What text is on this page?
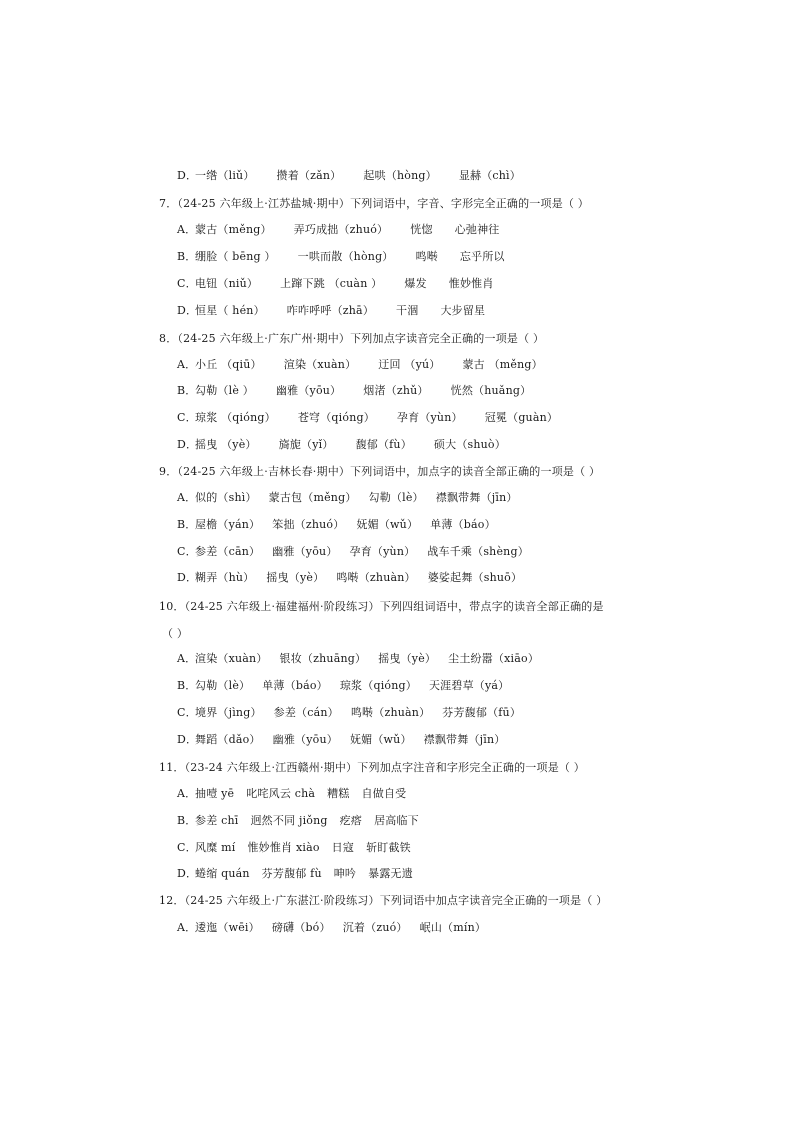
D．一绺（liǔ） 攒着（zǎn） 起哄（hòng） 显赫（chì）
7．（24-25 六年级上·江苏盐城·期中）下列词语中，字音、字形完全正确的一项是（ ）
A．蒙古（měng） 弄巧成拙（zhuó） 恍惚 心弛神往
B．绷脸（ bēng ） 一哄而散（hòng） 鸣啭 忘乎所以
C．电钮（niǔ） 上蹿下跳 （cuàn ） 爆发 惟妙惟肖
D．恒星（ hén） 咋咋呼呼（zhā） 干涸 大步留星
8．（24-25 六年级上·广东广州·期中）下列加点字读音完全正确的一项是（ ）
A．小丘 （qiū） 渲染（xuàn） 迂回 （yú） 蒙古 （měng）
B．勾勒（lè ） 幽雅（yōu） 烟渚（zhǔ） 恍然（huǎng）
C．琼浆 （qióng） 苍穹（qióng） 孕育（yùn） 冠冕（guàn）
D．摇曳 （yè） 旖旎（yǐ） 馥郁（fù） 硕大（shuò）
9．（24-25 六年级上·吉林长春·期中）下列词语中，加点字的读音全部正确的一项是（ ）
A．似的（shì） 蒙古包（měng） 勾勒（lè） 襟飘带舞（jīn）
B．屋檐（yán） 笨拙（zhuó） 妩媚（wǔ） 单薄（báo）
C．参差（cān） 幽雅（yōu） 孕育（yùn） 战车千乘（shèng）
D．糊弄（hù） 摇曳（yè） 鸣啭（zhuàn） 婆娑起舞（shuō）
10．（24-25 六年级上·福建福州·阶段练习）下列四组词语中，带点字的读音全部正确的是
（ ）
A．渲染（xuàn） 银妆（zhuāng） 摇曳（yè） 尘土纷嚣（xiāo）
B．勾勒（lè） 单薄（báo） 琼浆（qióng） 天涯碧草（yá）
C．境界（jìng） 参差（cán） 鸣啭（zhuàn） 芬芳馥郁（fū）
D．舞蹈（dǎo） 幽雅（yōu） 妩媚（wǔ） 襟飘带舞（jīn）
11．（23-24 六年级上·江西赣州·期中）下列加点字注音和字形完全正确的一项是（ ）
A．抽噎 yē 叱咤风云 chà 糟糕 自做自受
B．参差 chī 迥然不同 jiǒng 疙瘩 居高临下
C．风糜 mí 惟妙惟肖 xiào 日寇 斩盯截铁
D．蜷缩 quán 芬芳馥郁 fù 呻吟 暴露无遗
12．（24-25 六年级上·广东湛江·阶段练习）下列词语中加点字读音完全正确的一项是（ ）
A．逶迤（wēi） 磅礴（bó） 沉着（zuó） 岷山（mín）
